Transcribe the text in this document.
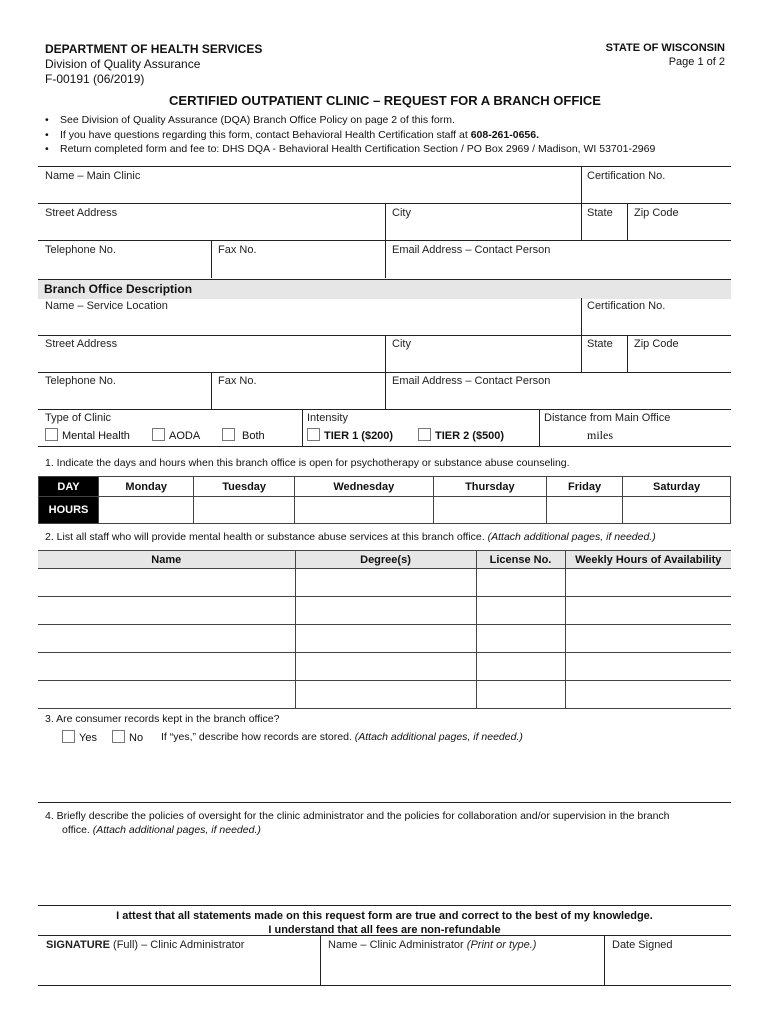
DEPARTMENT OF HEALTH SERVICES
Division of Quality Assurance
F-00191 (06/2019)
STATE OF WISCONSIN
Page 1 of 2
CERTIFIED OUTPATIENT CLINIC – REQUEST FOR A BRANCH OFFICE
• See Division of Quality Assurance (DQA) Branch Office Policy on page 2 of this form.
• If you have questions regarding this form, contact Behavioral Health Certification staff at 608-261-0656.
• Return completed form and fee to: DHS DQA - Behavioral Health Certification Section / PO Box 2969 / Madison, WI 53701-2969
Name – Main Clinic	Certification No.
Street Address	City	State	Zip Code
Telephone No.	Fax No.	Email Address – Contact Person
Branch Office Description
Name – Service Location	Certification No.
Street Address	City	State	Zip Code
Telephone No.	Fax No.	Email Address – Contact Person
Type of Clinic	Intensity	Distance from Main Office
Mental Health	AODA	Both	TIER 1 ($200)	TIER 2 ($500)	miles
1. Indicate the days and hours when this branch office is open for psychotherapy or substance abuse counseling.
DAY	Monday	Tuesday	Wednesday	Thursday	Friday	Saturday
HOURS						
2. List all staff who will provide mental health or substance abuse services at this branch office. (Attach additional pages, if needed.)
Name	Degree(s)	License No.	Weekly Hours of Availability

3. Are consumer records kept in the branch office?
Yes	No If “yes,” describe how records are stored. (Attach additional pages, if needed.)
4. Briefly describe the policies of oversight for the clinic administrator and the policies for collaboration and/or supervision in the branch
office. (Attach additional pages, if needed.)
I attest that all statements made on this request form are true and correct to the best of my knowledge.
I understand that all fees are non-refundable
SIGNATURE (Full) – Clinic Administrator	Name – Clinic Administrator (Print or type.)	Date Signed
